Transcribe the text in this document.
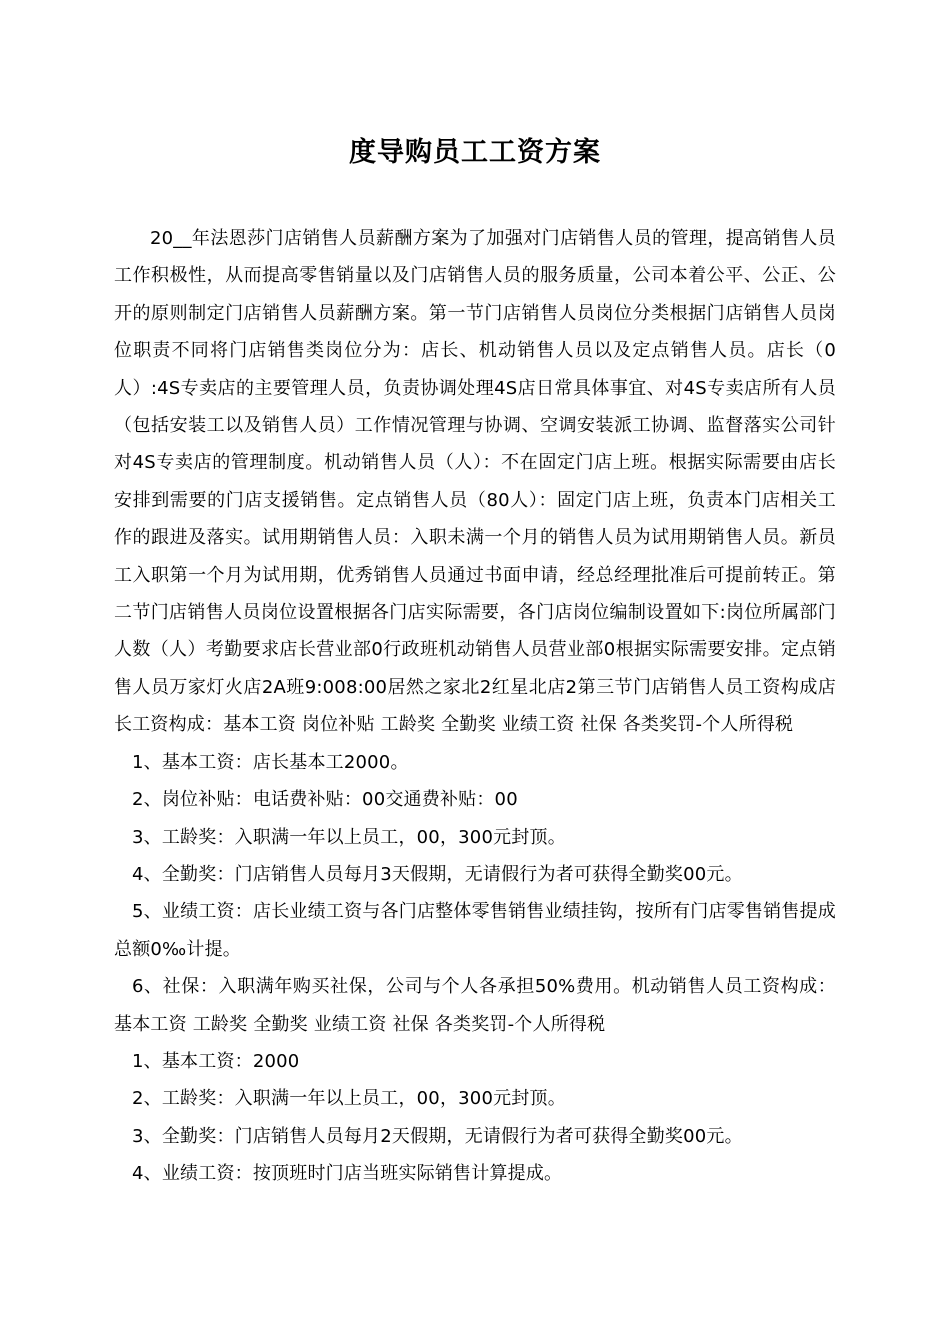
度导购员工工资方案

20__年法恩莎门店销售人员薪酬方案为了加强对门店销售人员的管理，提高销售人员工作积极性，从而提高零售销量以及门店销售人员的服务质量，公司本着公平、公正、公开的原则制定门店销售人员薪酬方案。第一节门店销售人员岗位分类根据门店销售人员岗位职责不同将门店销售类岗位分为：店长、机动销售人员以及定点销售人员。店长（0人）:4S专卖店的主要管理人员，负责协调处理4S店日常具体事宜、对4S专卖店所有人员（包括安装工以及销售人员）工作情况管理与协调、空调安装派工协调、监督落实公司针对4S专卖店的管理制度。机动销售人员（人）：不在固定门店上班。根据实际需要由店长安排到需要的门店支援销售。定点销售人员（80人）：固定门店上班，负责本门店相关工作的跟进及落实。试用期销售人员：入职未满一个月的销售人员为试用期销售人员。新员工入职第一个月为试用期，优秀销售人员通过书面申请，经总经理批准后可提前转正。第二节门店销售人员岗位设置根据各门店实际需要，各门店岗位编制设置如下:岗位所属部门人数（人）考勤要求店长营业部0行政班机动销售人员营业部0根据实际需要安排。定点销售人员万家灯火店2A班9:008:00居然之家北2红星北店2第三节门店销售人员工资构成店长工资构成：基本工资 岗位补贴 工龄奖 全勤奖 业绩工资 社保 各类奖罚-个人所得税

1、基本工资：店长基本工2000。

2、岗位补贴：电话费补贴：00交通费补贴：00

3、工龄奖：入职满一年以上员工，00，300元封顶。

4、全勤奖：门店销售人员每月3天假期，无请假行为者可获得全勤奖00元。

5、业绩工资：店长业绩工资与各门店整体零售销售业绩挂钩，按所有门店零售销售提成总额0‰计提。

6、社保：入职满年购买社保，公司与个人各承担50%费用。机动销售人员工资构成：基本工资 工龄奖 全勤奖 业绩工资 社保 各类奖罚-个人所得税

1、基本工资：2000

2、工龄奖：入职满一年以上员工，00，300元封顶。

3、全勤奖：门店销售人员每月2天假期，无请假行为者可获得全勤奖00元。

4、业绩工资：按顶班时门店当班实际销售计算提成。
